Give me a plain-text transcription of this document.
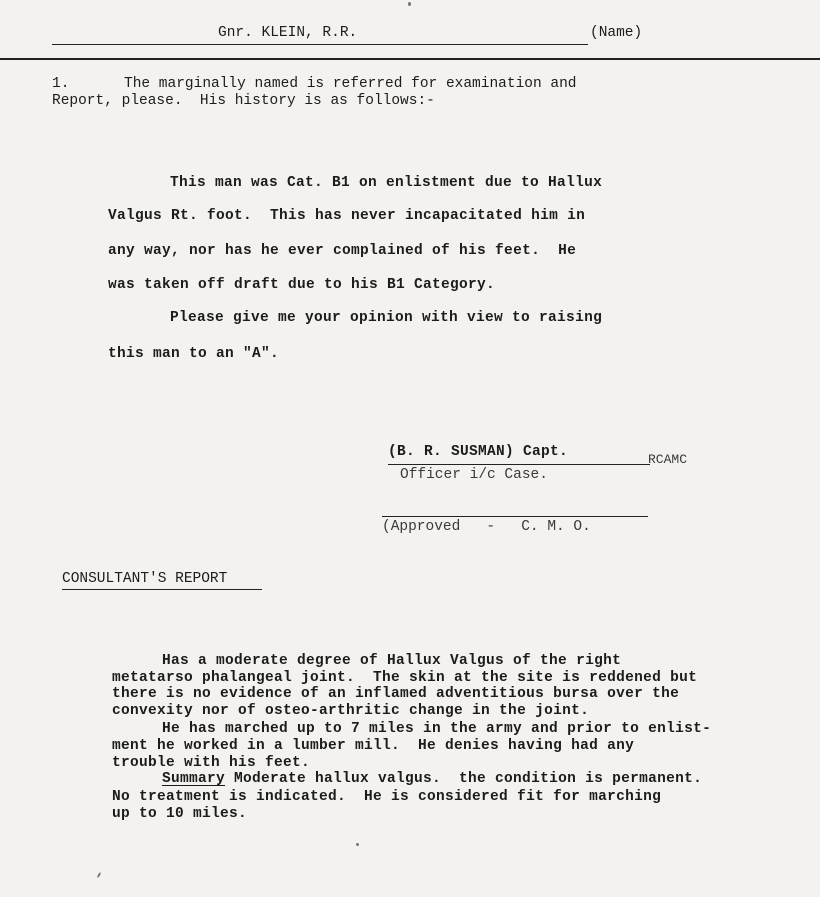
Gnr. KLEIN, R.R.	(Name)
1.	The marginally named is referred for examination and
Report, please.  His history is as follows:-
This man was Cat. B1 on enlistment due to Hallux
Valgus Rt. foot.  This has never incapacitated him in
any way, nor has he ever complained of his feet.  He
was taken off draft due to his B1 Category.
Please give me your opinion with view to raising
this man to an "A".
(B. R. SUSMAN) Capt.	RCAMC
Officer i/c Case.
(Approved   -   C. M. O.
CONSULTANT'S REPORT
Has a moderate degree of Hallux Valgus of the right
metatarso phalangeal joint.  The skin at the site is reddened but
there is no evidence of an inflamed adventitious bursa over the
convexity nor of osteo-arthritic change in the joint.
He has marched up to 7 miles in the army and prior to enlist-
ment he worked in a lumber mill.  He denies having had any
trouble with his feet.
Summary Moderate hallux valgus.  the condition is permanent.
No treatment is indicated.  He is considered fit for marching
up to 10 miles.
